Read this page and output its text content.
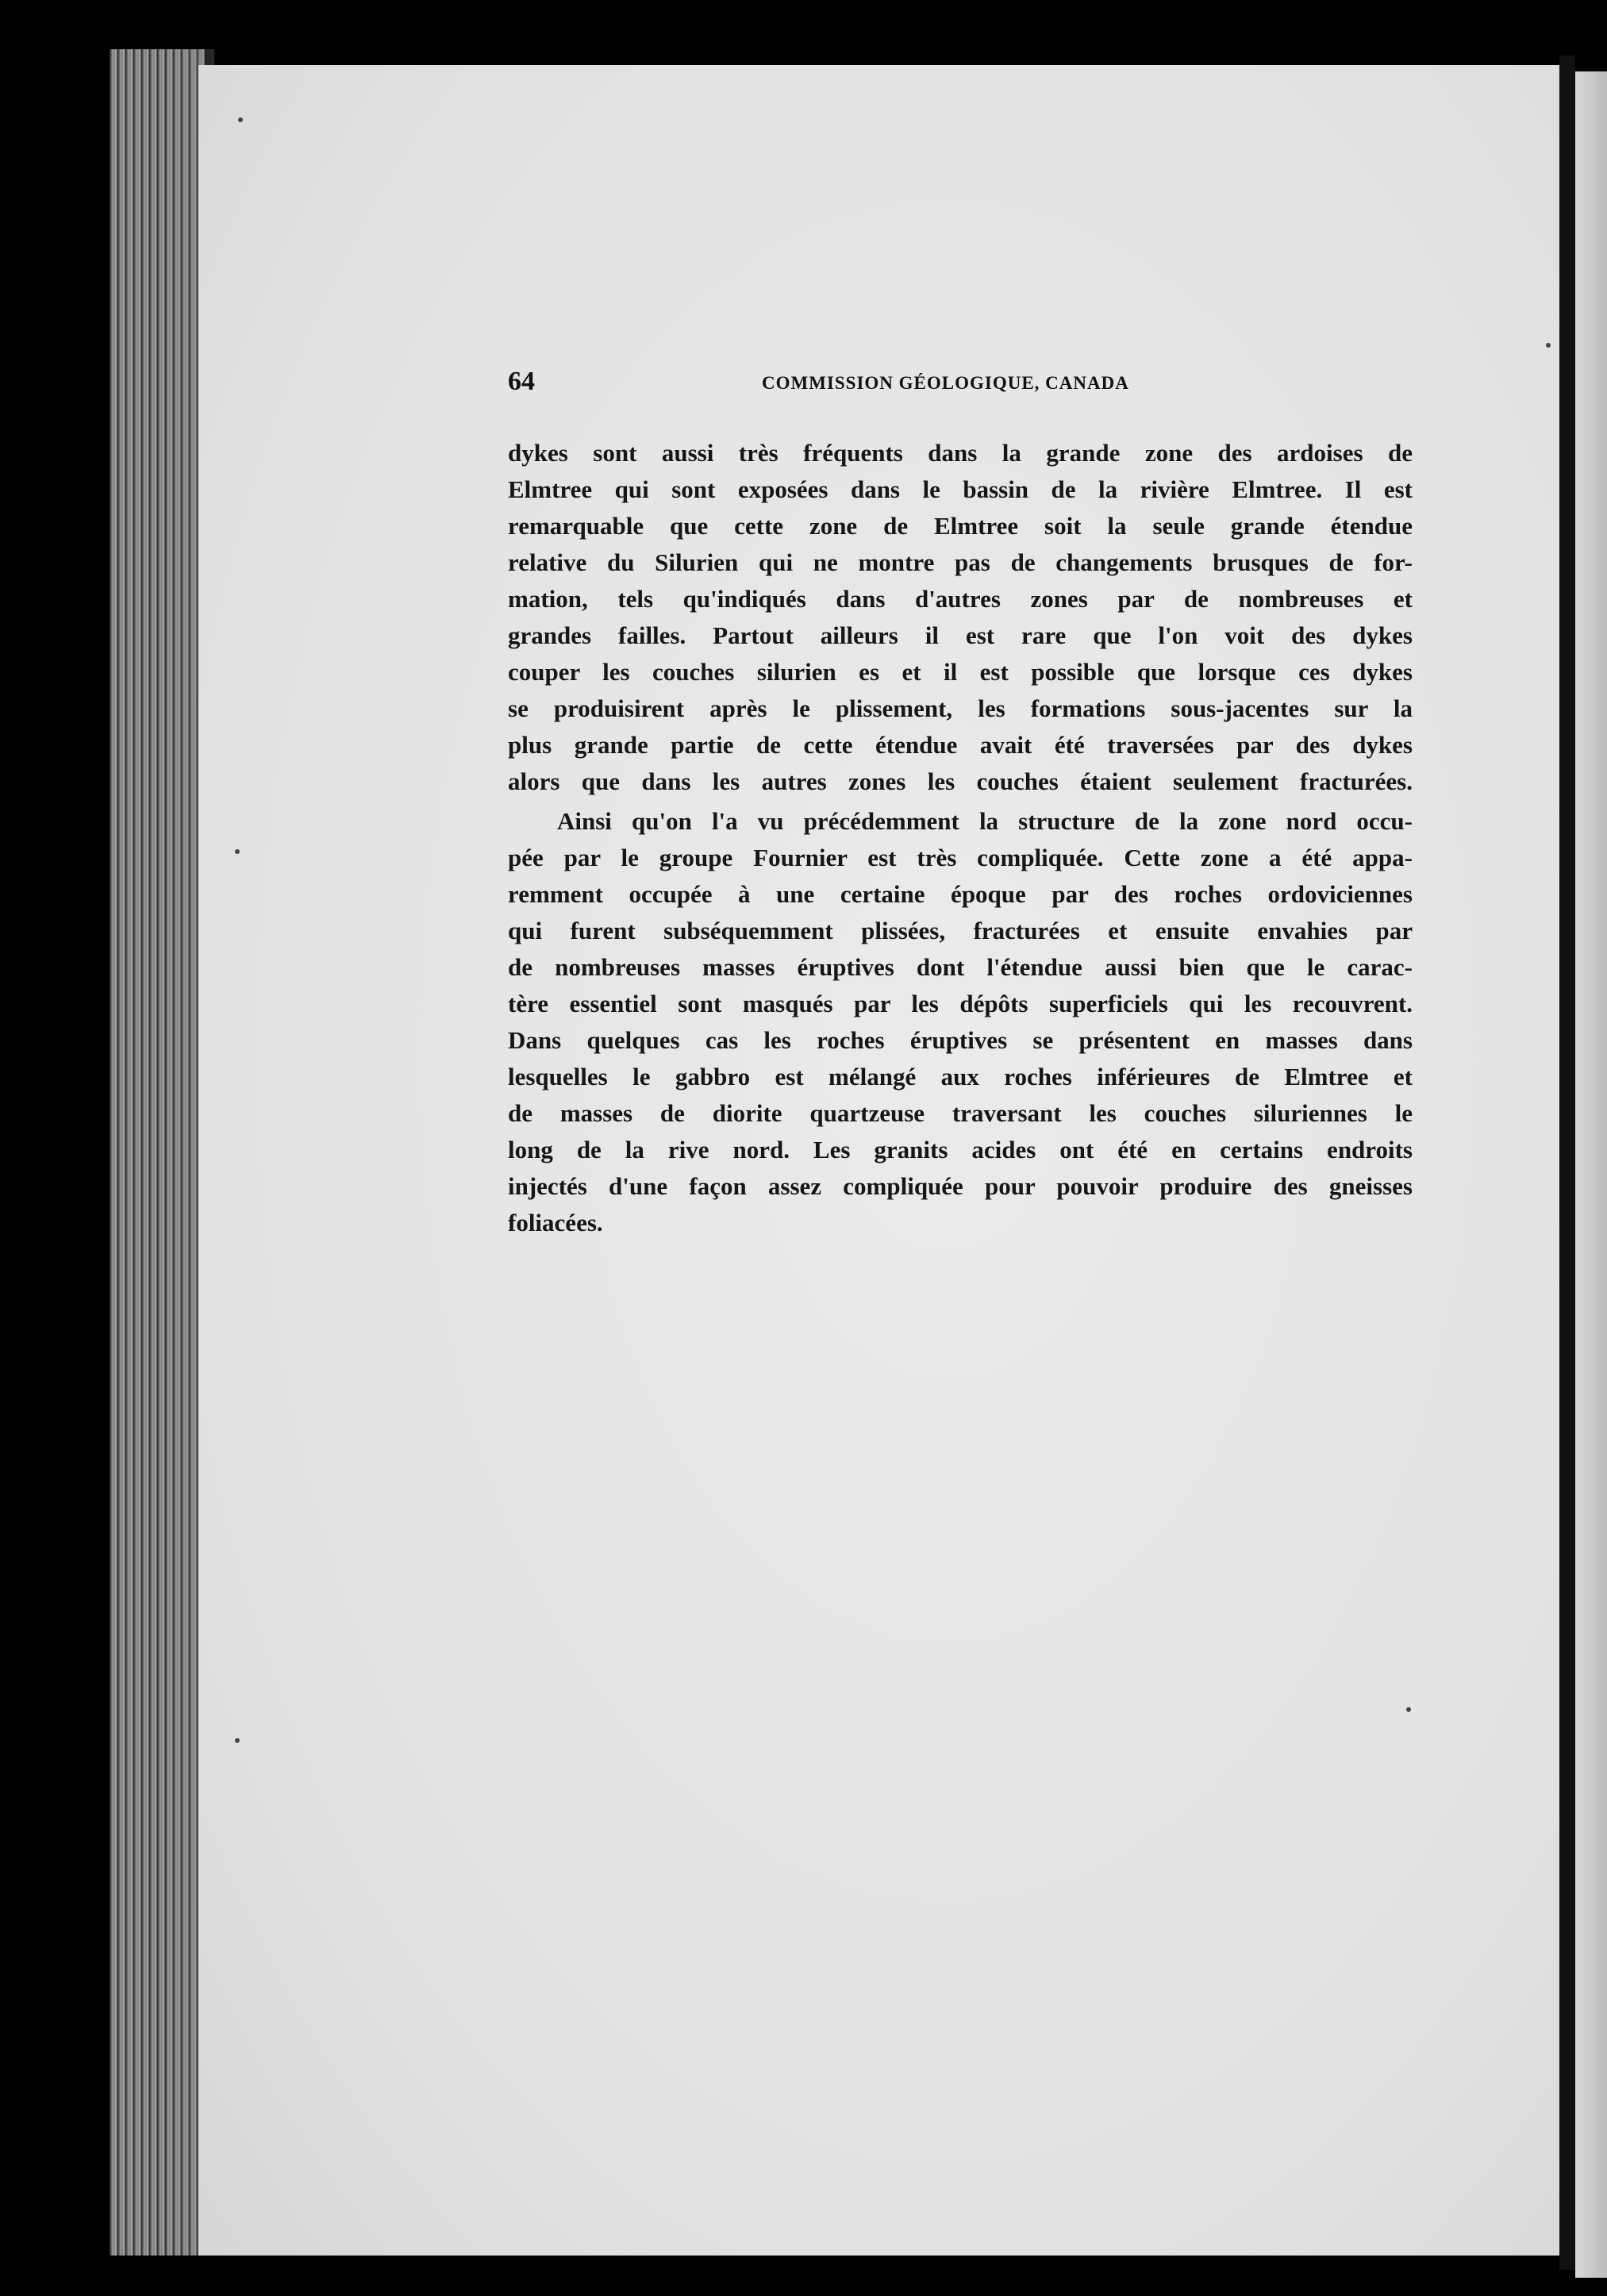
64	COMMISSION GÉOLOGIQUE, CANADA

dykes sont aussi très fréquents dans la grande zone des ardoises de
Elmtree qui sont exposées dans le bassin de la rivière Elmtree. Il est
remarquable que cette zone de Elmtree soit la seule grande étendue
relative du Silurien qui ne montre pas de changements brusques de for-
mation, tels qu'indiqués dans d'autres zones par de nombreuses et
grandes failles. Partout ailleurs il est rare que l'on voit des dykes
couper les couches silurien es et il est possible que lorsque ces dykes
se produisirent après le plissement, les formations sous-jacentes sur la
plus grande partie de cette étendue avait été traversées par des dykes
alors que dans les autres zones les couches étaient seulement fracturées.
Ainsi qu'on l'a vu précédemment la structure de la zone nord occu-
pée par le groupe Fournier est très compliquée. Cette zone a été appa-
remment occupée à une certaine époque par des roches ordoviciennes
qui furent subséquemment plissées, fracturées et ensuite envahies par
de nombreuses masses éruptives dont l'étendue aussi bien que le carac-
tère essentiel sont masqués par les dépôts superficiels qui les recouvrent.
Dans quelques cas les roches éruptives se présentent en masses dans
lesquelles le gabbro est mélangé aux roches inférieures de Elmtree et
de masses de diorite quartzeuse traversant les couches siluriennes le
long de la rive nord. Les granits acides ont été en certains endroits
injectés d'une façon assez compliquée pour pouvoir produire des gneisses
foliacées.
